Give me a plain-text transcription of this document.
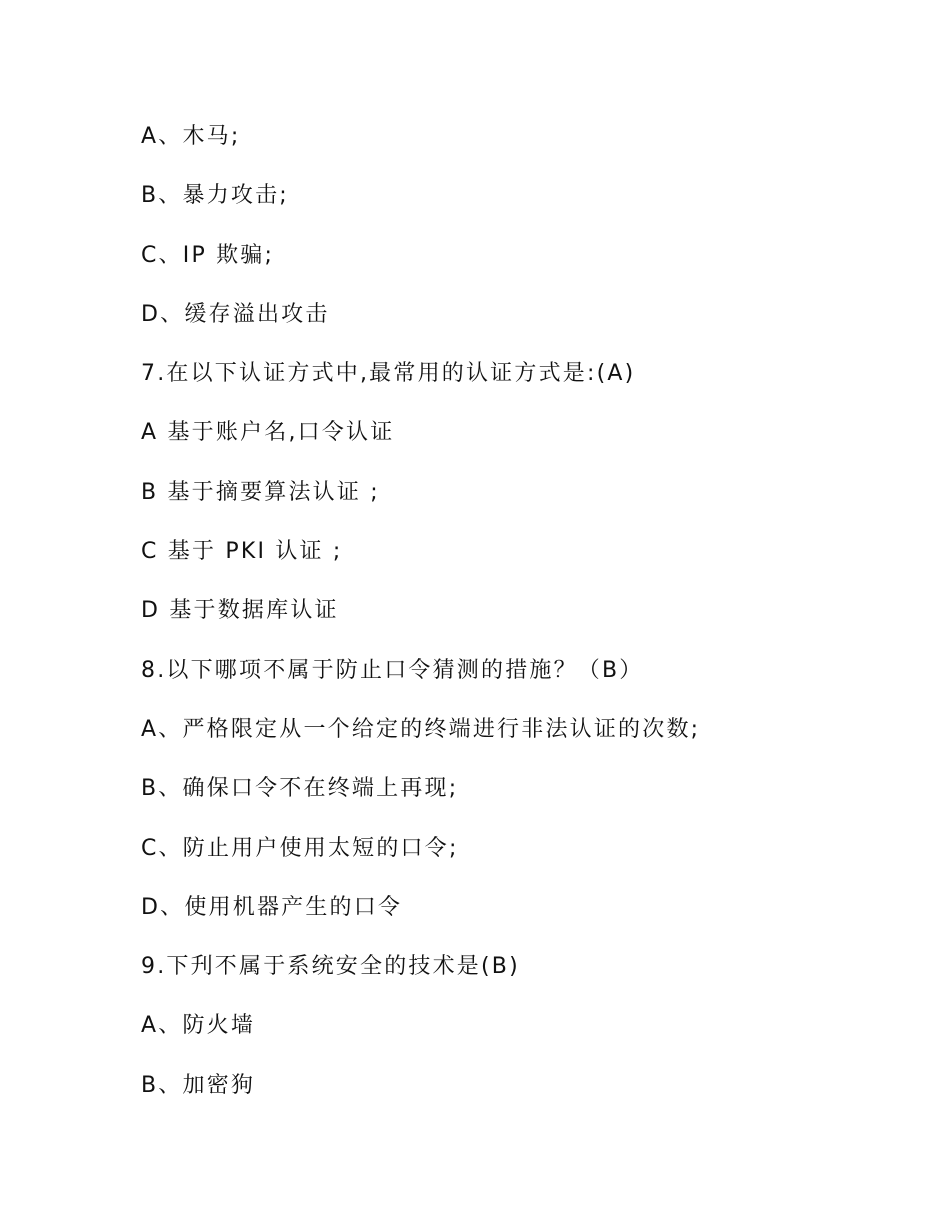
A、木马;
B、暴力攻击;
C、IP 欺骗;
D、缓存溢出攻击
7.在以下认证方式中,最常用的认证方式是:(A)
A 基于账户名,口令认证
B 基于摘要算法认证 ;
C 基于 PKI 认证 ;
D 基于数据库认证
8.以下哪项不属于防止口令猜测的措施？（B）
A、严格限定从一个给定的终端进行非法认证的次数;
B、确保口令不在终端上再现;
C、防止用户使用太短的口令;
D、使用机器产生的口令
9.下刋不属于系统安全的技术是(B)
A、防火墙
B、加密狗
